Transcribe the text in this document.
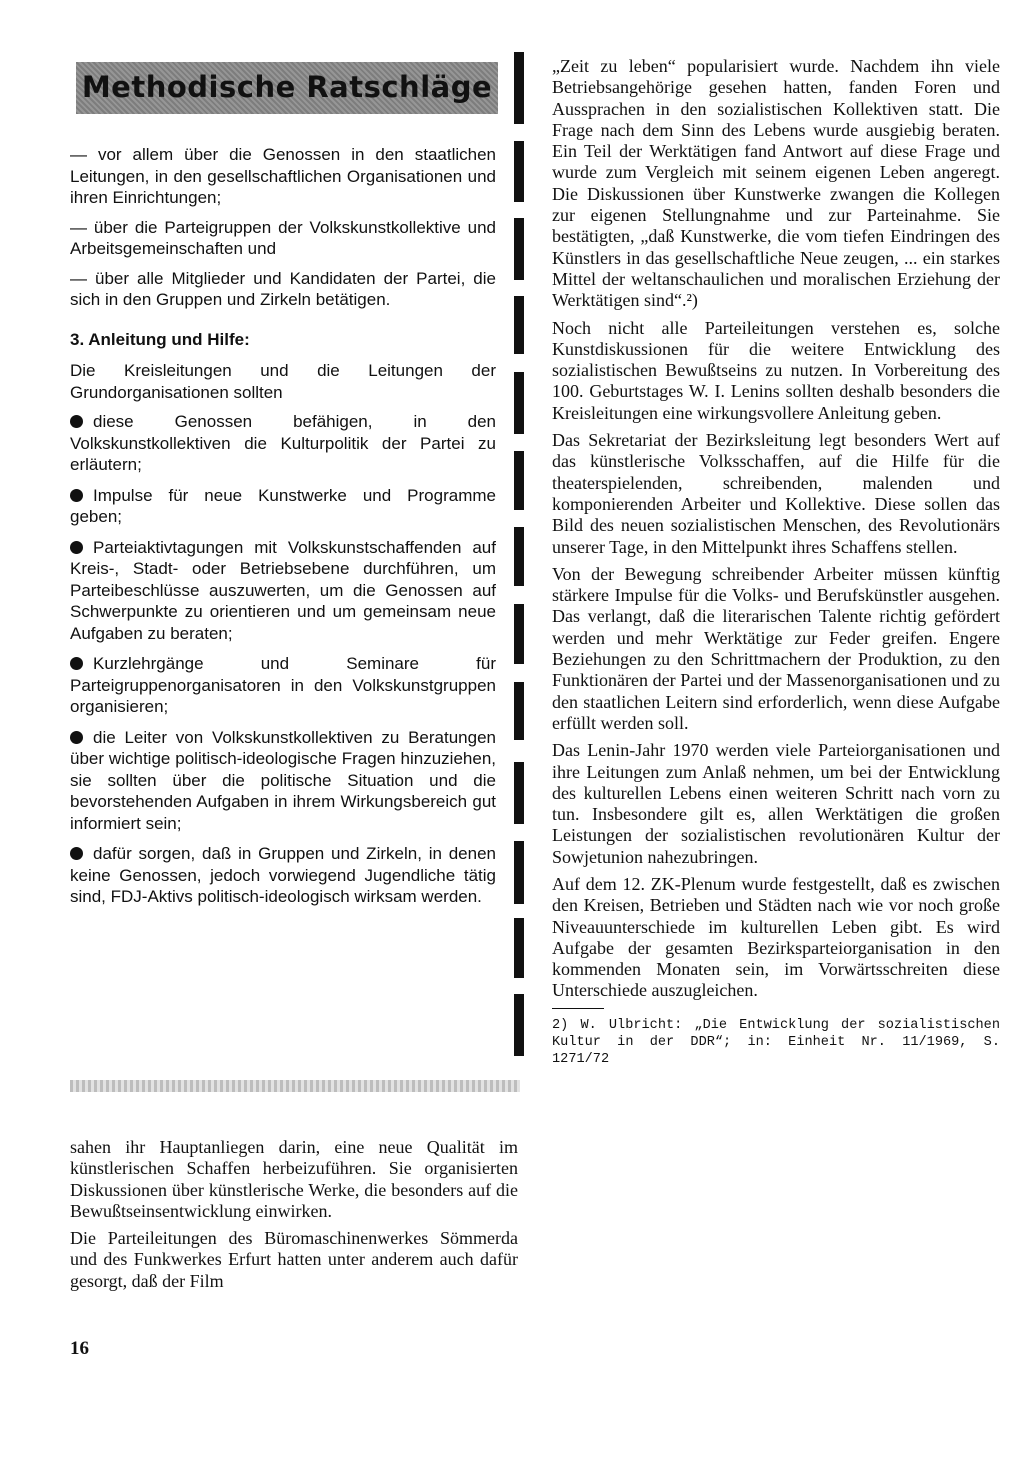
Methodische Ratschläge

— vor allem über die Genossen in den staatlichen Leitungen, in den gesellschaftlichen Organisationen und ihren Einrichtungen;

— über die Parteigruppen der Volkskunstkollektive und Arbeitsgemeinschaften und

— über alle Mitglieder und Kandidaten der Partei, die sich in den Gruppen und Zirkeln betätigen.

3. Anleitung und Hilfe:

Die Kreisleitungen und die Leitungen der Grundorganisationen sollten

diese Genossen befähigen, in den Volkskunstkollektiven die Kulturpolitik der Partei zu erläutern;

Impulse für neue Kunstwerke und Programme geben;

Parteiaktivtagungen mit Volkskunstschaffenden auf Kreis-, Stadt- oder Betriebsebene durchführen, um Parteibeschlüsse auszuwerten, um die Genossen auf Schwerpunkte zu orientieren und um gemeinsam neue Aufgaben zu beraten;

Kurzlehrgänge und Seminare für Parteigruppenorganisatoren in den Volkskunstgruppen organisieren;

die Leiter von Volkskunstkollektiven zu Beratungen über wichtige politisch-ideologische Fragen hinzuziehen, sie sollten über die politische Situation und die bevorstehenden Aufgaben in ihrem Wirkungsbereich gut informiert sein;

dafür sorgen, daß in Gruppen und Zirkeln, in denen keine Genossen, jedoch vorwiegend Jugendliche tätig sind, FDJ-Aktivs politisch-ideologisch wirksam werden.

sahen ihr Hauptanliegen darin, eine neue Qualität im künstlerischen Schaffen herbeizuführen. Sie organisierten Diskussionen über künstlerische Werke, die besonders auf die Bewußtseinsentwicklung einwirken.

Die Parteileitungen des Büromaschinenwerkes Sömmerda und des Funkwerkes Erfurt hatten unter anderem auch dafür gesorgt, daß der Film

„Zeit zu leben“ popularisiert wurde. Nachdem ihn viele Betriebsangehörige gesehen hatten, fanden Foren und Aussprachen in den sozialistischen Kollektiven statt. Die Frage nach dem Sinn des Lebens wurde ausgiebig beraten. Ein Teil der Werktätigen fand Antwort auf diese Frage und wurde zum Vergleich mit seinem eigenen Leben angeregt. Die Diskussionen über Kunstwerke zwangen die Kollegen zur eigenen Stellungnahme und zur Parteinahme. Sie bestätigten, „daß Kunstwerke, die vom tiefen Eindringen des Künstlers in das gesellschaftliche Neue zeugen, ... ein starkes Mittel der weltanschaulichen und moralischen Erziehung der Werktätigen sind“.²)

Noch nicht alle Parteileitungen verstehen es, solche Kunstdiskussionen für die weitere Entwicklung des sozialistischen Bewußtseins zu nutzen. In Vorbereitung des 100. Geburtstages W. I. Lenins sollten deshalb besonders die Kreisleitungen eine wirkungsvollere Anleitung geben.

Das Sekretariat der Bezirksleitung legt besonders Wert auf das künstlerische Volksschaffen, auf die Hilfe für die theaterspielenden, schreibenden, malenden und komponierenden Arbeiter und Kollektive. Diese sollen das Bild des neuen sozialistischen Menschen, des Revolutionärs unserer Tage, in den Mittelpunkt ihres Schaffens stellen.

Von der Bewegung schreibender Arbeiter müssen künftig stärkere Impulse für die Volks- und Berufskünstler ausgehen. Das verlangt, daß die literarischen Talente richtig gefördert werden und mehr Werktätige zur Feder greifen. Engere Beziehungen zu den Schrittmachern der Produktion, zu den Funktionären der Partei und der Massenorganisationen und zu den staatlichen Leitern sind erforderlich, wenn diese Aufgabe erfüllt werden soll.

Das Lenin-Jahr 1970 werden viele Parteiorganisationen und ihre Leitungen zum Anlaß nehmen, um bei der Entwicklung des kulturellen Lebens einen weiteren Schritt nach vorn zu tun. Insbesondere gilt es, allen Werktätigen die großen Leistungen der sozialistischen revolutionären Kultur der Sowjetunion nahezubringen.

Auf dem 12. ZK-Plenum wurde festgestellt, daß es zwischen den Kreisen, Betrieben und Städten nach wie vor noch große Niveauunterschiede im kulturellen Leben gibt. Es wird Aufgabe der gesamten Bezirksparteiorganisation in den kommenden Monaten sein, im Vorwärtsschreiten diese Unterschiede auszugleichen.

2) W. Ulbricht: „Die Entwicklung der sozialistischen Kultur in der DDR“; in: Einheit Nr. 11/1969, S. 1271/72

16
